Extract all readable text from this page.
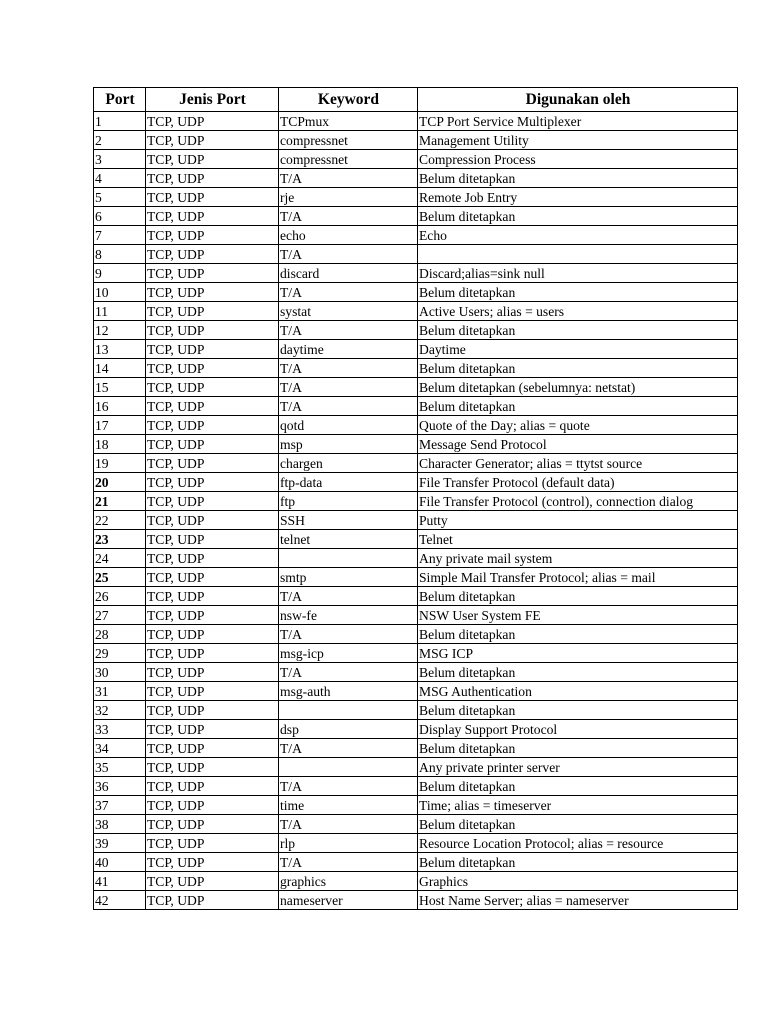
Port	Jenis Port	Keyword	Digunakan oleh
1	TCP, UDP	TCPmux	TCP Port Service Multiplexer
2	TCP, UDP	compressnet	Management Utility
3	TCP, UDP	compressnet	Compression Process
4	TCP, UDP	T/A	Belum ditetapkan
5	TCP, UDP	rje	Remote Job Entry
6	TCP, UDP	T/A	Belum ditetapkan
7	TCP, UDP	echo	Echo
8	TCP, UDP	T/A	
9	TCP, UDP	discard	Discard;alias=sink null
10	TCP, UDP	T/A	Belum ditetapkan
11	TCP, UDP	systat	Active Users; alias = users
12	TCP, UDP	T/A	Belum ditetapkan
13	TCP, UDP	daytime	Daytime
14	TCP, UDP	T/A	Belum ditetapkan
15	TCP, UDP	T/A	Belum ditetapkan (sebelumnya: netstat)
16	TCP, UDP	T/A	Belum ditetapkan
17	TCP, UDP	qotd	Quote of the Day; alias = quote
18	TCP, UDP	msp	Message Send Protocol
19	TCP, UDP	chargen	Character Generator; alias = ttytst source
20	TCP, UDP	ftp-data	File Transfer Protocol (default data)
21	TCP, UDP	ftp	File Transfer Protocol (control), connection dialog
22	TCP, UDP	SSH	Putty
23	TCP, UDP	telnet	Telnet
24	TCP, UDP		Any private mail system
25	TCP, UDP	smtp	Simple Mail Transfer Protocol; alias = mail
26	TCP, UDP	T/A	Belum ditetapkan
27	TCP, UDP	nsw-fe	NSW User System FE
28	TCP, UDP	T/A	Belum ditetapkan
29	TCP, UDP	msg-icp	MSG ICP
30	TCP, UDP	T/A	Belum ditetapkan
31	TCP, UDP	msg-auth	MSG Authentication
32	TCP, UDP		Belum ditetapkan
33	TCP, UDP	dsp	Display Support Protocol
34	TCP, UDP	T/A	Belum ditetapkan
35	TCP, UDP		Any private printer server
36	TCP, UDP	T/A	Belum ditetapkan
37	TCP, UDP	time	Time; alias = timeserver
38	TCP, UDP	T/A	Belum ditetapkan
39	TCP, UDP	rlp	Resource Location Protocol; alias = resource
40	TCP, UDP	T/A	Belum ditetapkan
41	TCP, UDP	graphics	Graphics
42	TCP, UDP	nameserver	Host Name Server; alias = nameserver
